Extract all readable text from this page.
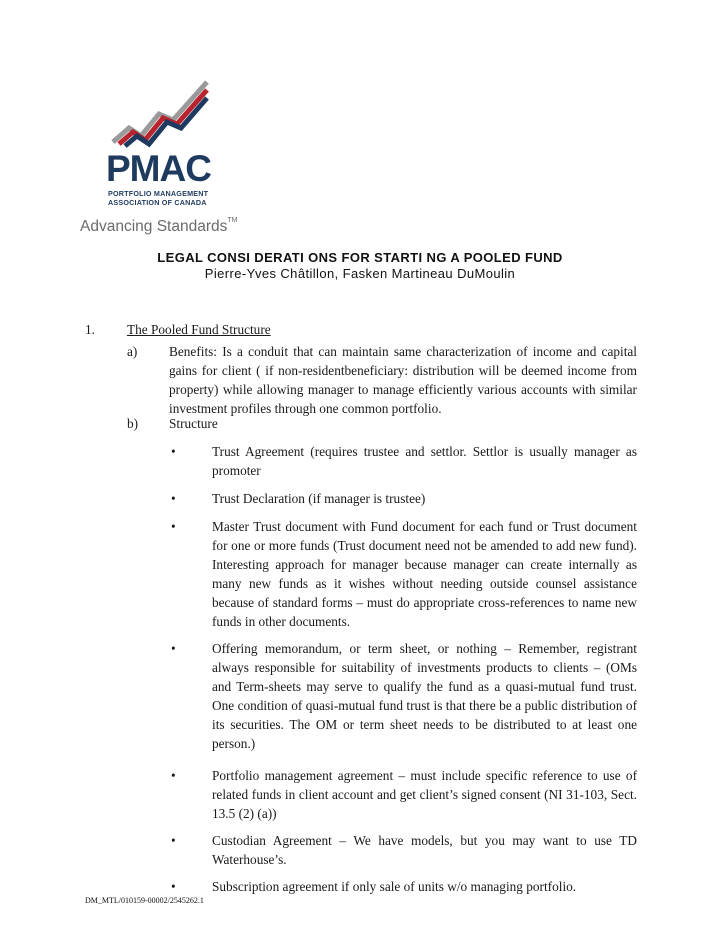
PMAC
PORTFOLIO MANAGEMENT
ASSOCIATION OF CANADA
Advancing Standards™
LEGAL CONSI DERATI ONS FOR STARTI NG A POOLED FUND
Pierre-Yves Châtillon, Fasken Martineau DuMoulin
1. The Pooled Fund Structure
a) Benefits: Is a conduit that can maintain same characterization of income and capital gains for client ( if non-residentbeneficiary: distribution will be deemed income from property) while allowing manager to manage efficiently various accounts with similar investment profiles through one common portfolio.
b) Structure
•	Trust Agreement (requires trustee and settlor. Settlor is usually manager as promoter
•	Trust Declaration (if manager is trustee)
•	Master Trust document with Fund document for each fund or Trust document for one or more funds (Trust document need not be amended to add new fund). Interesting approach for manager because manager can create internally as many new funds as it wishes without needing outside counsel assistance because of standard forms – must do appropriate cross-references to name new funds in other documents.
•	Offering memorandum, or term sheet, or nothing – Remember, registrant always responsible for suitability of investments products to clients – (OMs and Term-sheets may serve to qualify the fund as a quasi-mutual fund trust. One condition of quasi-mutual fund trust is that there be a public distribution of its securities. The OM or term sheet needs to be distributed to at least one person.)
•	Portfolio management agreement – must include specific reference to use of related funds in client account and get client’s signed consent (NI 31-103, Sect. 13.5 (2) (a))
•	Custodian Agreement – We have models, but you may want to use TD Waterhouse’s.
•	Subscription agreement if only sale of units w/o managing portfolio.
DM_MTL/010159-00002/2545262.1
